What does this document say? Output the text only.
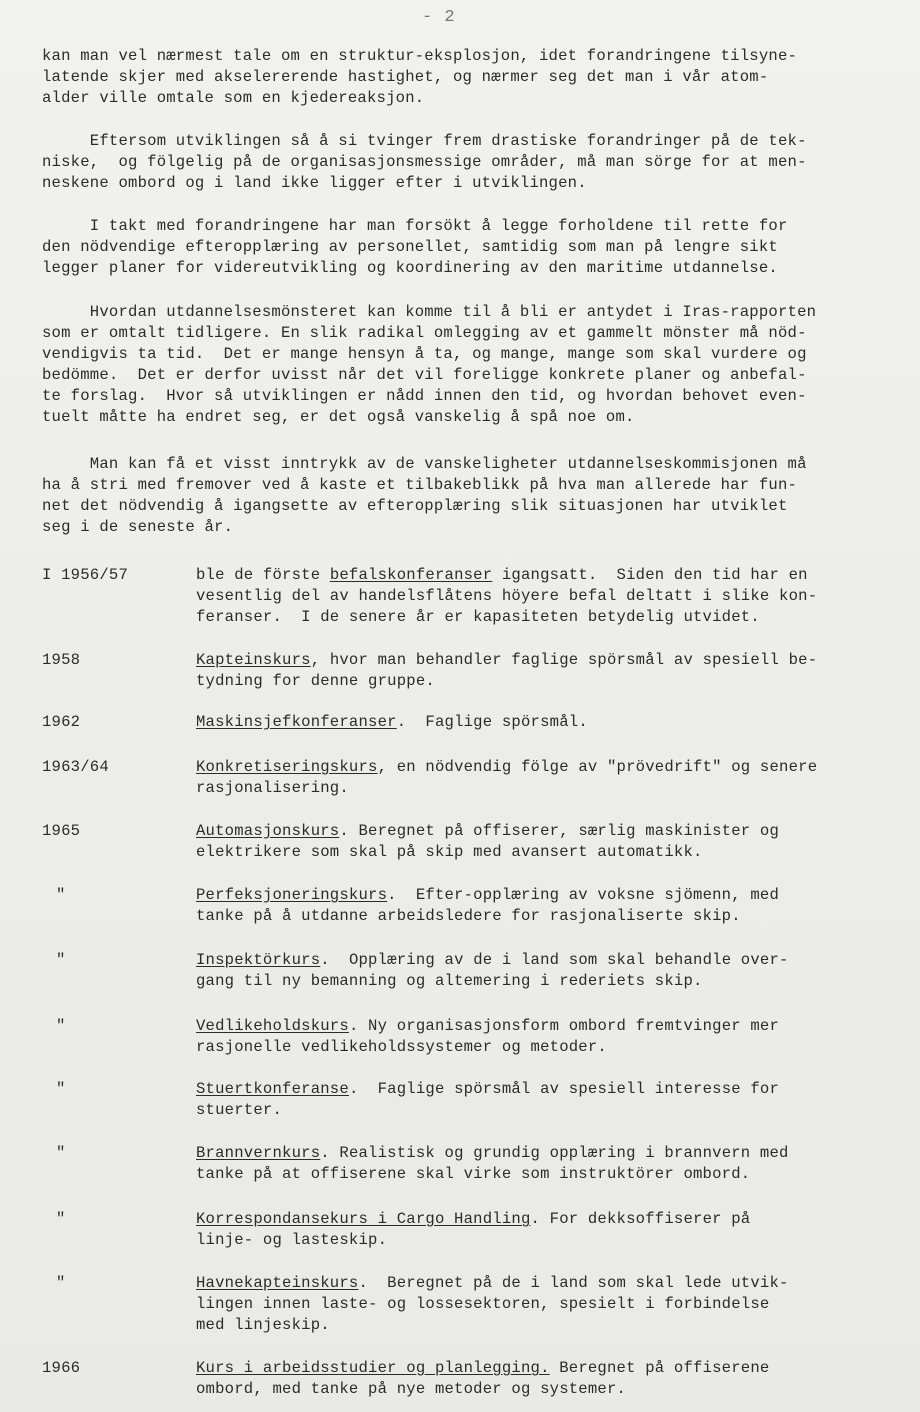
- 2
kan man vel nærmest tale om en struktur-eksplosjon, idet forandringene tilsyne-
latende skjer med akselererende hastighet, og nærmer seg det man i vår atom-
alder ville omtale som en kjedereaksjon.
Eftersom utviklingen så å si tvinger frem drastiske forandringer på de tek-
niske,  og fölgelig på de organisasjonsmessige områder, må man sörge for at men-
neskene ombord og i land ikke ligger efter i utviklingen.
I takt med forandringene har man forsökt å legge forholdene til rette for
den nödvendige efteropplæring av personellet, samtidig som man på lengre sikt
legger planer for videreutvikling og koordinering av den maritime utdannelse.
Hvordan utdannelsesmönsteret kan komme til å bli er antydet i Iras-rapporten
som er omtalt tidligere. En slik radikal omlegging av et gammelt mönster må nöd-
vendigvis ta tid.  Det er mange hensyn å ta, og mange, mange som skal vurdere og
bedömme.  Det er derfor uvisst når det vil foreligge konkrete planer og anbefal-
te forslag.  Hvor så utviklingen er nådd innen den tid, og hvordan behovet even-
tuelt måtte ha endret seg, er det også vanskelig å spå noe om.
Man kan få et visst inntrykk av de vanskeligheter utdannelseskommisjonen må
ha å stri med fremover ved å kaste et tilbakeblikk på hva man allerede har fun-
net det nödvendig å igangsette av efteropplæring slik situasjonen har utviklet
seg i de seneste år.
I 1956/57	ble de förste befalskonferanser igangsatt.  Siden den tid har en
vesentlig del av handelsflåtens höyere befal deltatt i slike kon-
feranser.  I de senere år er kapasiteten betydelig utvidet.
1958	Kapteinskurs, hvor man behandler faglige spörsmål av spesiell be-
tydning for denne gruppe.
1962	Maskinsjefkonferanser.  Faglige spörsmål.
1963/64	Konkretiseringskurs, en nödvendig fölge av "prövedrift" og senere
rasjonalisering.
1965	Automasjonskurs. Beregnet på offiserer, særlig maskinister og
elektrikere som skal på skip med avansert automatikk.
"	Perfeksjoneringskurs.  Efter-opplæring av voksne sjömenn, med
tanke på å utdanne arbeidsledere for rasjonaliserte skip.
"	Inspektörkurs.  Opplæring av de i land som skal behandle over-
gang til ny bemanning og altemering i rederiets skip.
"	Vedlikeholdskurs. Ny organisasjonsform ombord fremtvinger mer
rasjonelle vedlikeholdssystemer og metoder.
"	Stuertkonferanse.  Faglige spörsmål av spesiell interesse for
stuerter.
"	Brannvernkurs. Realistisk og grundig opplæring i brannvern med
tanke på at offiserene skal virke som instruktörer ombord.
"	Korrespondansekurs i Cargo Handling. For dekksoffiserer på
linje- og lasteskip.
"	Havnekapteinskurs.  Beregnet på de i land som skal lede utvik-
lingen innen laste- og lossesektoren, spesielt i forbindelse
med linjeskip.
1966	Kurs i arbeidsstudier og planlegging. Beregnet på offiserene
ombord, med tanke på nye metoder og systemer.
